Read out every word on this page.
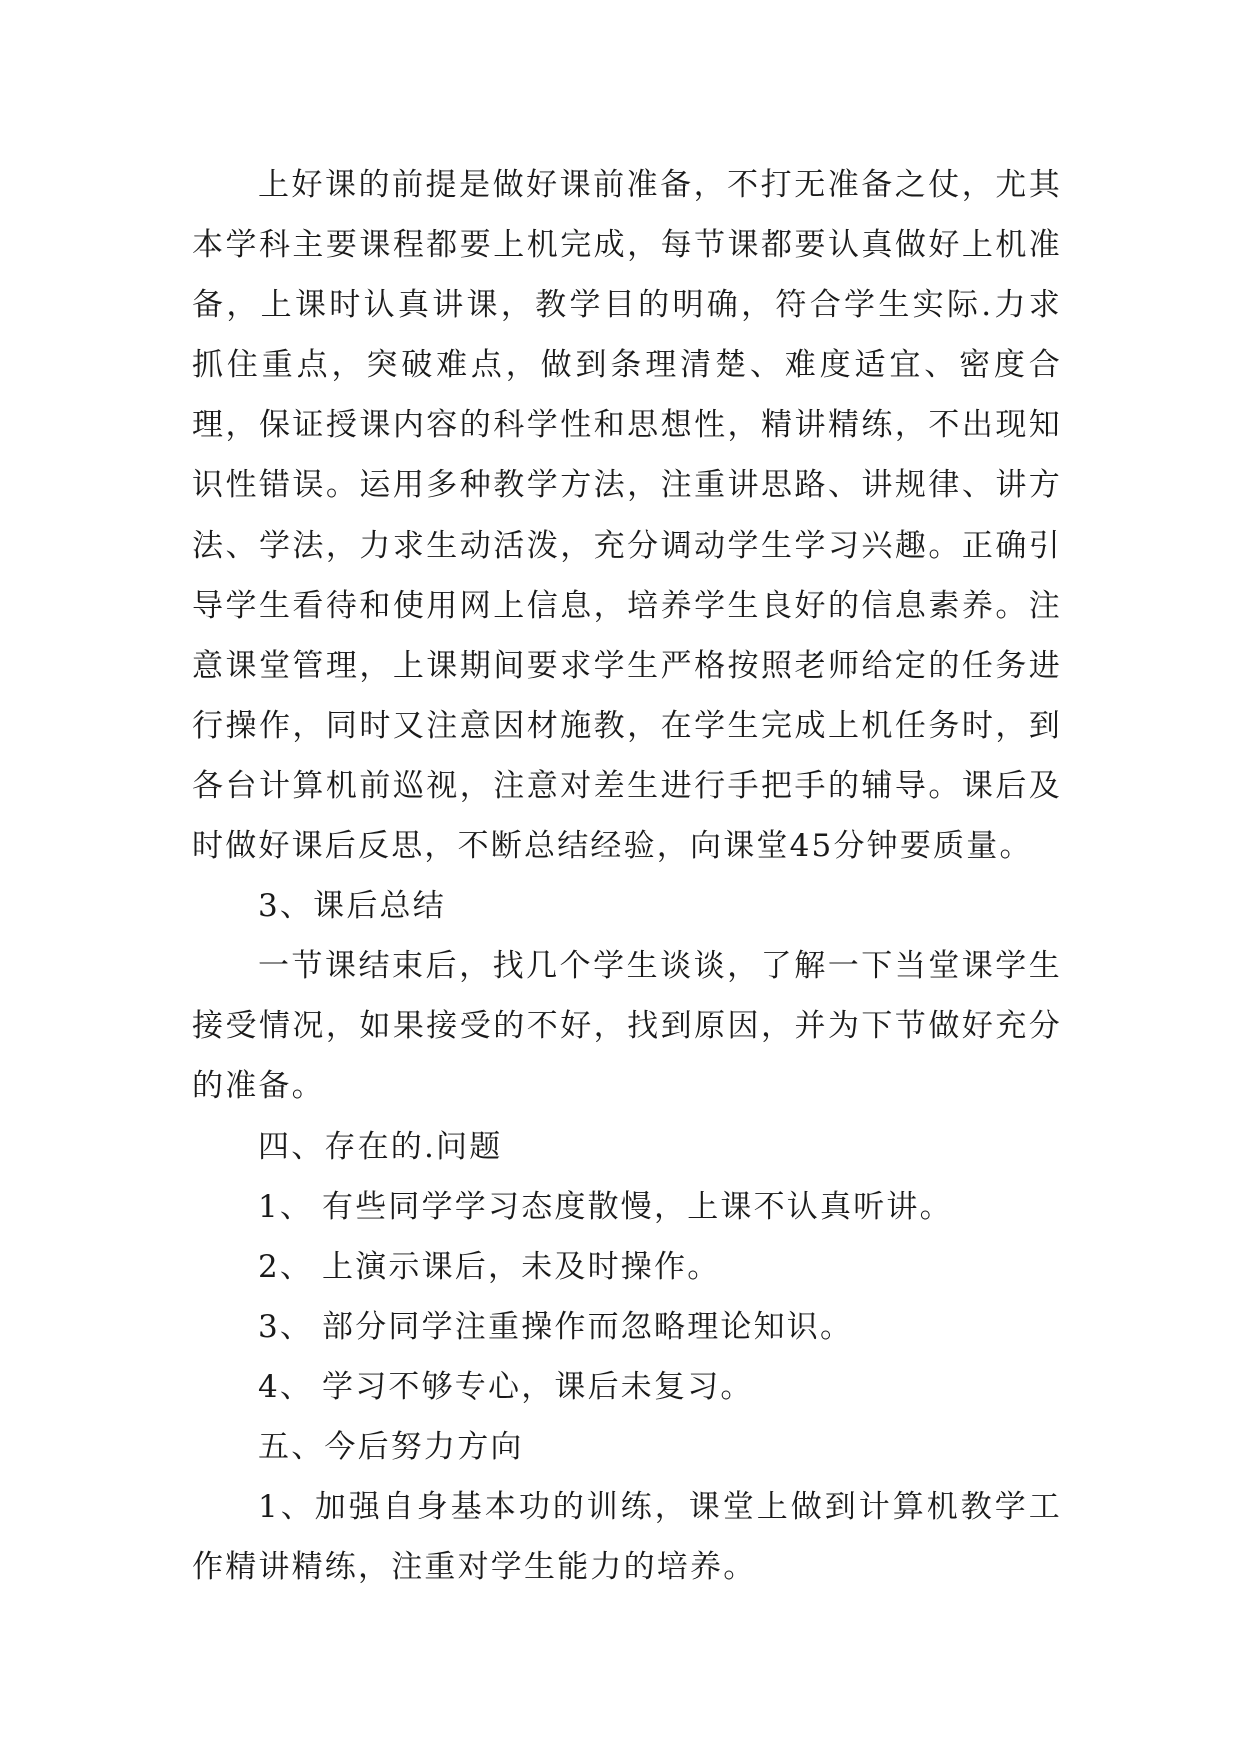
上好课的前提是做好课前准备，不打无准备之仗，尤其本学科主要课程都要上机完成，每节课都要认真做好上机准备，上课时认真讲课，教学目的明确，符合学生实际.力求抓住重点，突破难点，做到条理清楚、难度适宜、密度合理，保证授课内容的科学性和思想性，精讲精练，不出现知识性错误。运用多种教学方法，注重讲思路、讲规律、讲方法、学法，力求生动活泼，充分调动学生学习兴趣。正确引导学生看待和使用网上信息，培养学生良好的信息素养。注意课堂管理，上课期间要求学生严格按照老师给定的任务进行操作，同时又注意因材施教，在学生完成上机任务时，到各台计算机前巡视，注意对差生进行手把手的辅导。课后及时做好课后反思，不断总结经验，向课堂45分钟要质量。

3、课后总结

一节课结束后，找几个学生谈谈，了解一下当堂课学生接受情况，如果接受的不好，找到原因，并为下节做好充分的准备。

四、存在的.问题

1、 有些同学学习态度散慢，上课不认真听讲。

2、 上演示课后，未及时操作。

3、 部分同学注重操作而忽略理论知识。

4、 学习不够专心，课后未复习。

五、今后努力方向

1、加强自身基本功的训练，课堂上做到计算机教学工作精讲精练，注重对学生能力的培养。
